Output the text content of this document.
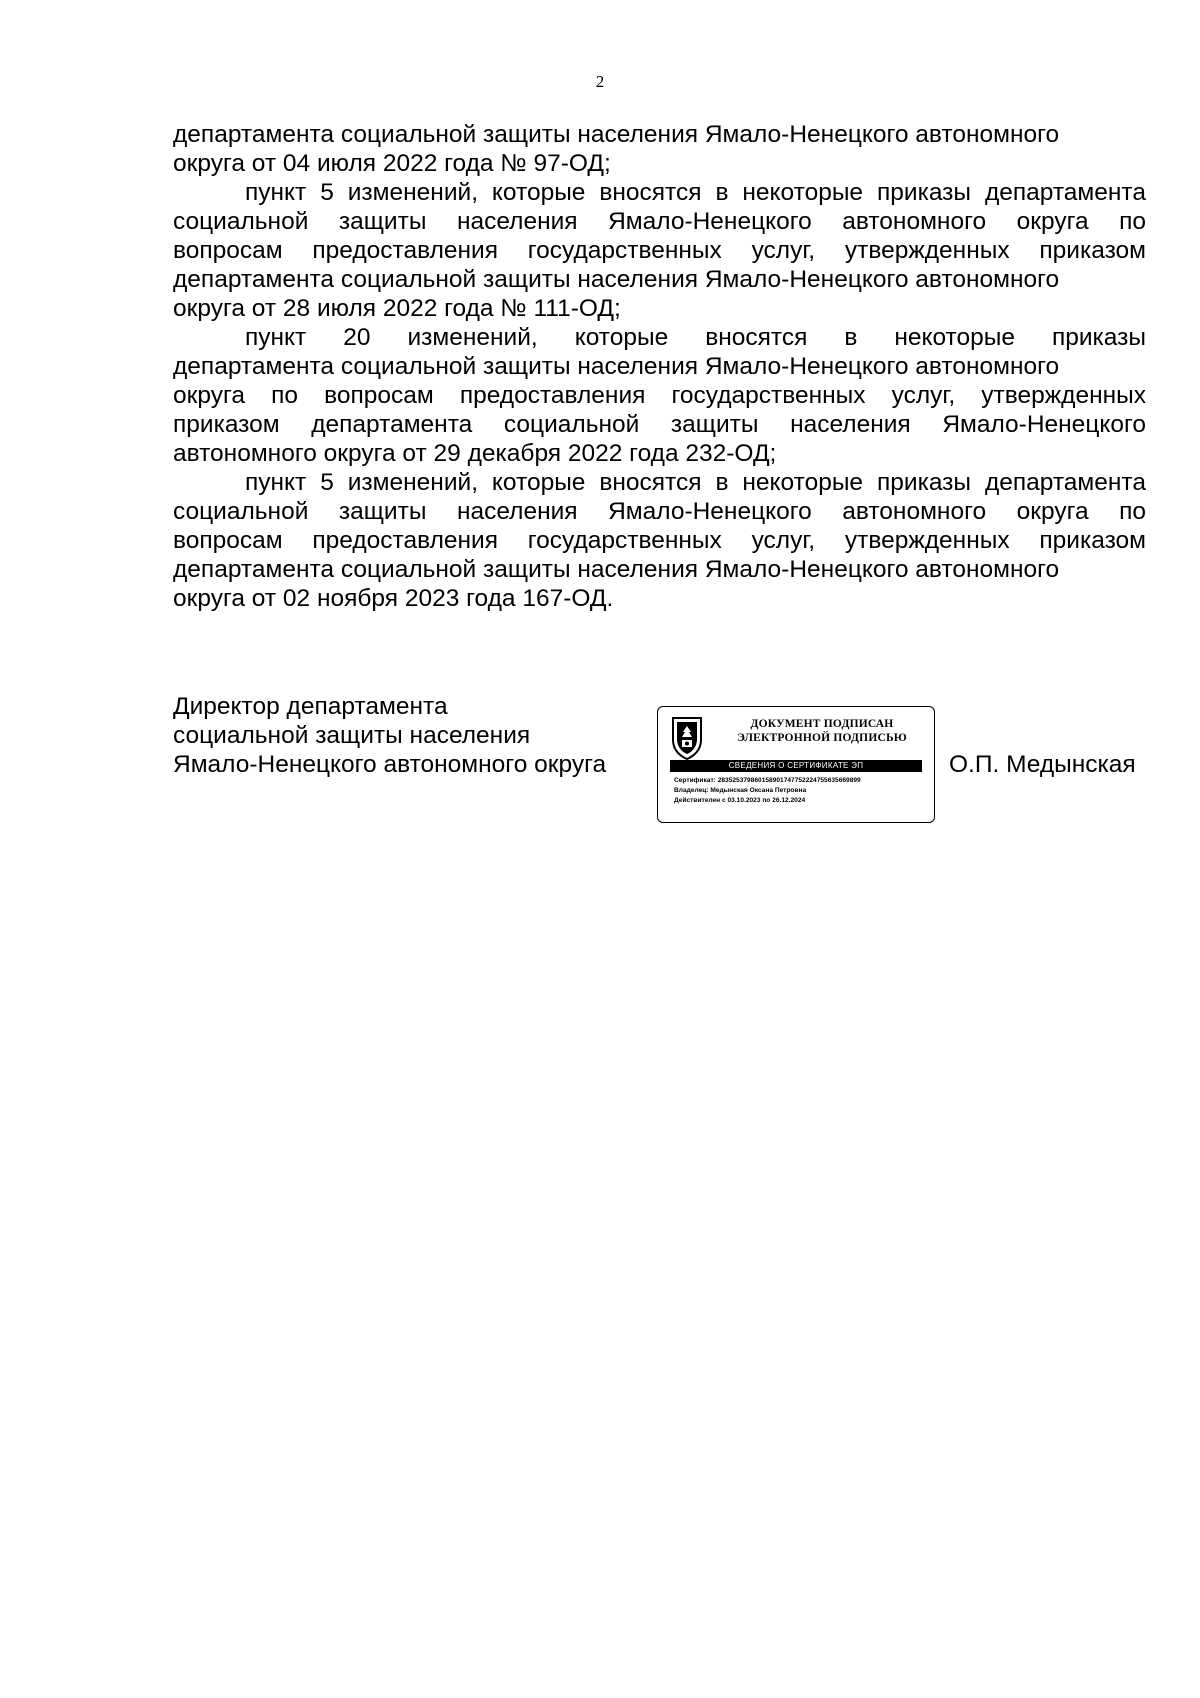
2
департамента социальной защиты населения Ямало-Ненецкого автономного
округа от 04 июля 2022 года № 97-ОД;
пункт 5 изменений, которые вносятся в некоторые приказы департамента
социальной защиты населения Ямало-Ненецкого автономного округа по
вопросам предоставления государственных услуг, утвержденных приказом
департамента социальной защиты населения Ямало-Ненецкого автономного
округа от 28 июля 2022 года № 111-ОД;
пункт 20 изменений, которые вносятся в некоторые приказы
департамента социальной защиты населения Ямало-Ненецкого автономного
округа по вопросам предоставления государственных услуг, утвержденных
приказом департамента социальной защиты населения Ямало-Ненецкого
автономного округа от 29 декабря 2022 года 232-ОД;
пункт 5 изменений, которые вносятся в некоторые приказы департамента
социальной защиты населения Ямало-Ненецкого автономного округа по
вопросам предоставления государственных услуг, утвержденных приказом
департамента социальной защиты населения Ямало-Ненецкого автономного
округа от 02 ноября 2023 года 167-ОД.
Директор департамента
социальной защиты населения
Ямало-Ненецкого автономного округа
ДОКУМЕНТ ПОДПИСАН
ЭЛЕКТРОННОЙ ПОДПИСЬЮ
СВЕДЕНИЯ О СЕРТИФИКАТЕ ЭП
Сертификат: 283525379860158901747752224755635669899
Владелец: Медынская Оксана Петровна
Действителен с 03.10.2023 по 26.12.2024
О.П. Медынская
